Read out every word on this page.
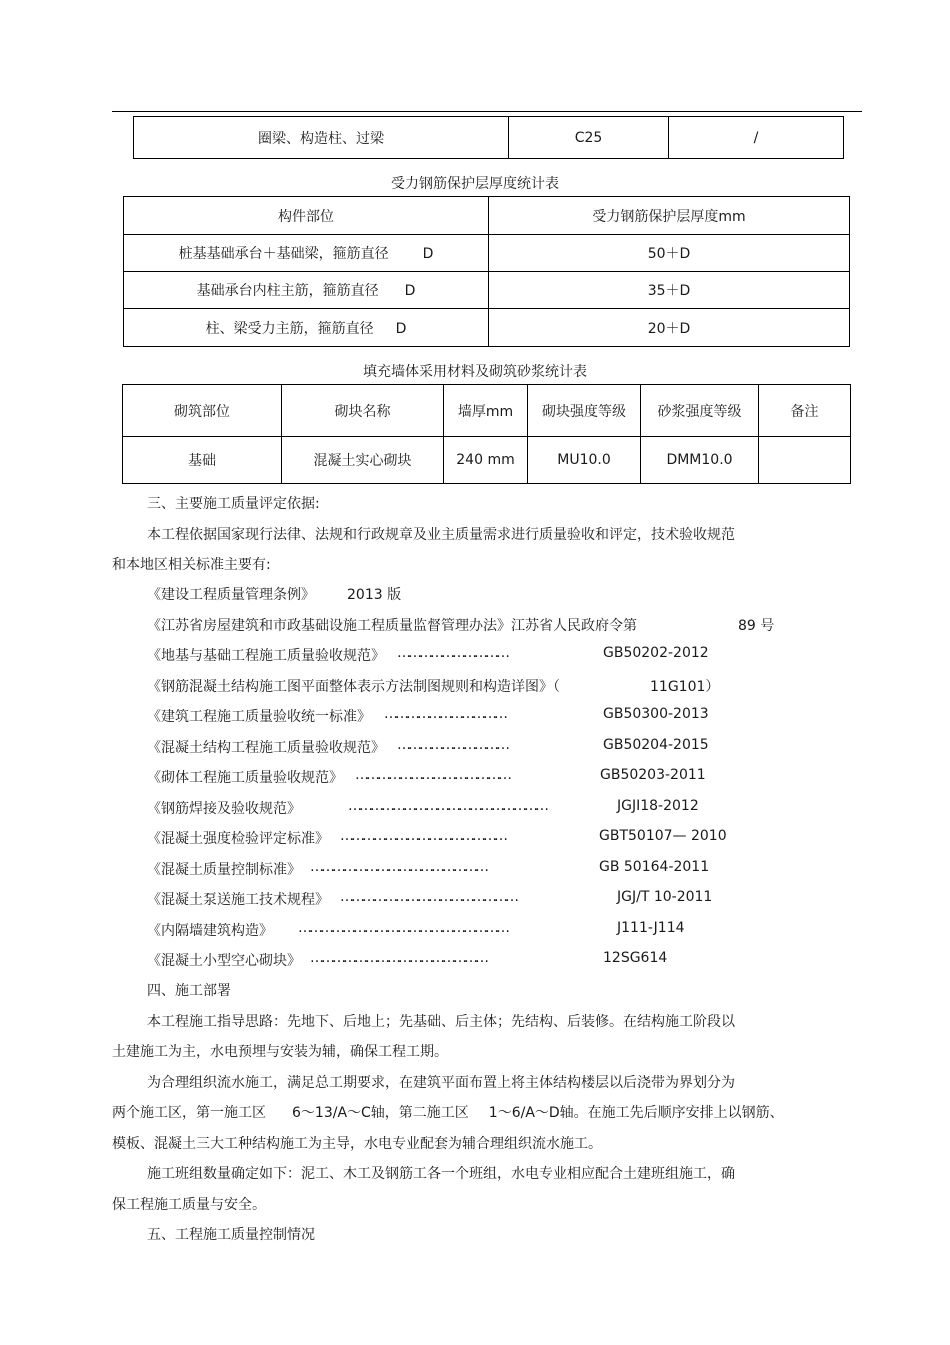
圈梁、构造柱、过梁	C25	/
受力钢筋保护层厚度统计表
构件部位	受力钢筋保护层厚度mm
桩基基础承台＋基础梁，箍筋直径 D	50＋D
基础承台内柱主筋，箍筋直径 D	35＋D
柱、梁受力主筋，箍筋直径 D	20＋D
填充墙体采用材料及砌筑砂浆统计表
砌筑部位	砌块名称	墙厚mm	砌块强度等级	砂浆强度等级	备注
基础	混凝土实心砌块	240 mm	MU10.0	DMM10.0	
三、主要施工质量评定依据:
本工程依据国家现行法律、法规和行政规章及业主质量需求进行质量验收和评定，技术验收规范
和本地区相关标准主要有:
《建设工程质量管理条例》 2013 版
《江苏省房屋建筑和市政基础设施工程质量监督管理办法》江苏省人民政府令第	89 号
《地基与基础工程施工质量验收规范》 …………………………	GB50202-2012
《钢筋混凝土结构施工图平面整体表示方法制图规则和构造详图》（	11G101）
《建筑工程施工质量验收统一标准》 ……………………………	GB50300-2013
《混凝土结构工程施工质量验收规范》 …………………………	GB50204-2015
《砌体工程施工质量验收规范》 ……………………………………	GB50203-2011
《钢筋焊接及验收规范》	………………………………………………	JGJI18-2012
《混凝土强度检验评定标准》 ………………………………………	GBT50107— 2010
《混凝土质量控制标准》 …………………………………………	GB 50164-2011
《混凝土泵送施工技术规程》 …………………………………………	JGJ/T 10-2011
《内隔墙建筑构造》 …………………………………………………	J111-J114
《混凝土小型空心砌块》 …………………………………………	12SG614
四、施工部署
本工程施工指导思路：先地下、后地上；先基础、后主体；先结构、后装修。在结构施工阶段以
土建施工为主，水电预埋与安装为辅，确保工程工期。
为合理组织流水施工，满足总工期要求，在建筑平面布置上将主体结构楼层以后浇带为界划分为
两个施工区，第一施工区 6～13/A～C轴，第二施工区 1～6/A～D轴。在施工先后顺序安排上以钢筋、
模板、混凝土三大工种结构施工为主导，水电专业配套为辅合理组织流水施工。
施工班组数量确定如下：泥工、木工及钢筋工各一个班组，水电专业相应配合土建班组施工，确
保工程施工质量与安全。
五、工程施工质量控制情况
